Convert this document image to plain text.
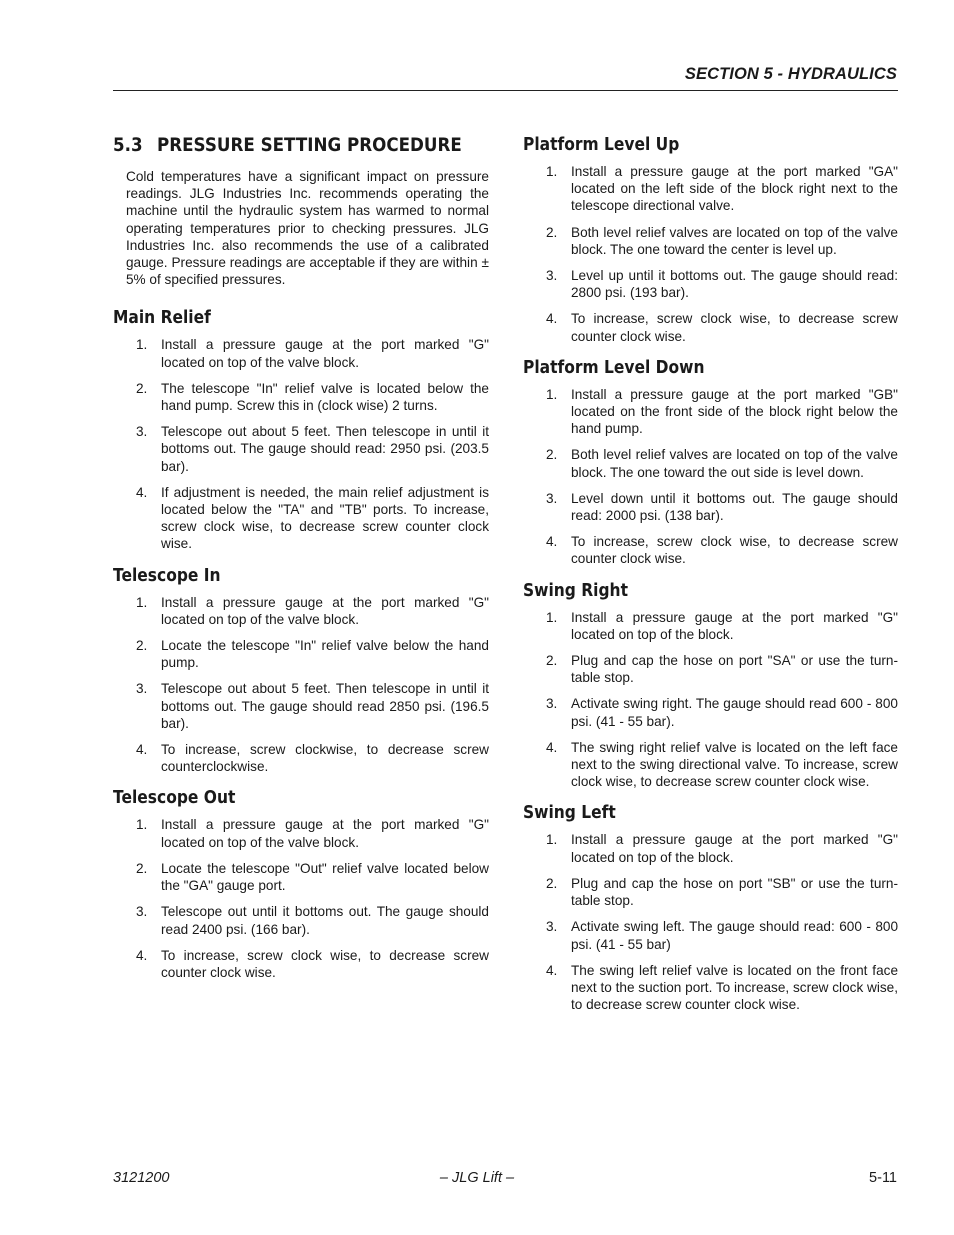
SECTION 5 - HYDRAULICS
5.3 PRESSURE SETTING PROCEDURE

Cold temperatures have a significant impact on pressure readings. JLG Industries Inc. recommends operating the machine until the hydraulic system has warmed to normal operating temperatures prior to checking pressures. JLG Industries Inc. also recommends the use of a calibrated gauge. Pressure readings are acceptable if they are within ± 5% of specified pressures.

Main Relief
1. Install a pressure gauge at the port marked "G" located on top of the valve block.
2. The telescope "In" relief valve is located below the hand pump. Screw this in (clock wise) 2 turns.
3. Telescope out about 5 feet. Then telescope in until it bottoms out. The gauge should read: 2950 psi. (203.5 bar).
4. If adjustment is needed, the main relief adjustment is located below the "TA" and "TB" ports. To increase, screw clock wise, to decrease screw counter clock wise.
Telescope In
1. Install a pressure gauge at the port marked "G" located on top of the valve block.
2. Locate the telescope "In" relief valve below the hand pump.
3. Telescope out about 5 feet. Then telescope in until it bottoms out. The gauge should read 2850 psi. (196.5 bar).
4. To increase, screw clockwise, to decrease screw counterclockwise.
Telescope Out
1. Install a pressure gauge at the port marked "G" located on top of the valve block.
2. Locate the telescope "Out" relief valve located below the "GA" gauge port.
3. Telescope out until it bottoms out. The gauge should read 2400 psi. (166 bar).
4. To increase, screw clock wise, to decrease screw counter clock wise.
Platform Level Up
1. Install a pressure gauge at the port marked "GA" located on the left side of the block right next to the telescope directional valve.
2. Both level relief valves are located on top of the valve block. The one toward the center is level up.
3. Level up until it bottoms out. The gauge should read: 2800 psi. (193 bar).
4. To increase, screw clock wise, to decrease screw counter clock wise.
Platform Level Down
1. Install a pressure gauge at the port marked "GB" located on the front side of the block right below the hand pump.
2. Both level relief valves are located on top of the valve block. The one toward the out side is level down.
3. Level down until it bottoms out. The gauge should read: 2000 psi. (138 bar).
4. To increase, screw clock wise, to decrease screw counter clock wise.
Swing Right
1. Install a pressure gauge at the port marked "G" located on top of the block.
2. Plug and cap the hose on port "SA" or use the turn-table stop.
3. Activate swing right. The gauge should read 600 - 800 psi. (41 - 55 bar).
4. The swing right relief valve is located on the left face next to the swing directional valve. To increase, screw clock wise, to decrease screw counter clock wise.
Swing Left
1. Install a pressure gauge at the port marked "G" located on top of the block.
2. Plug and cap the hose on port "SB" or use the turn-table stop.
3. Activate swing left. The gauge should read: 600 - 800 psi. (41 - 55 bar)
4. The swing left relief valve is located on the front face next to the suction port. To increase, screw clock wise, to decrease screw counter clock wise.
– JLG Lift –
3121200	5-11
